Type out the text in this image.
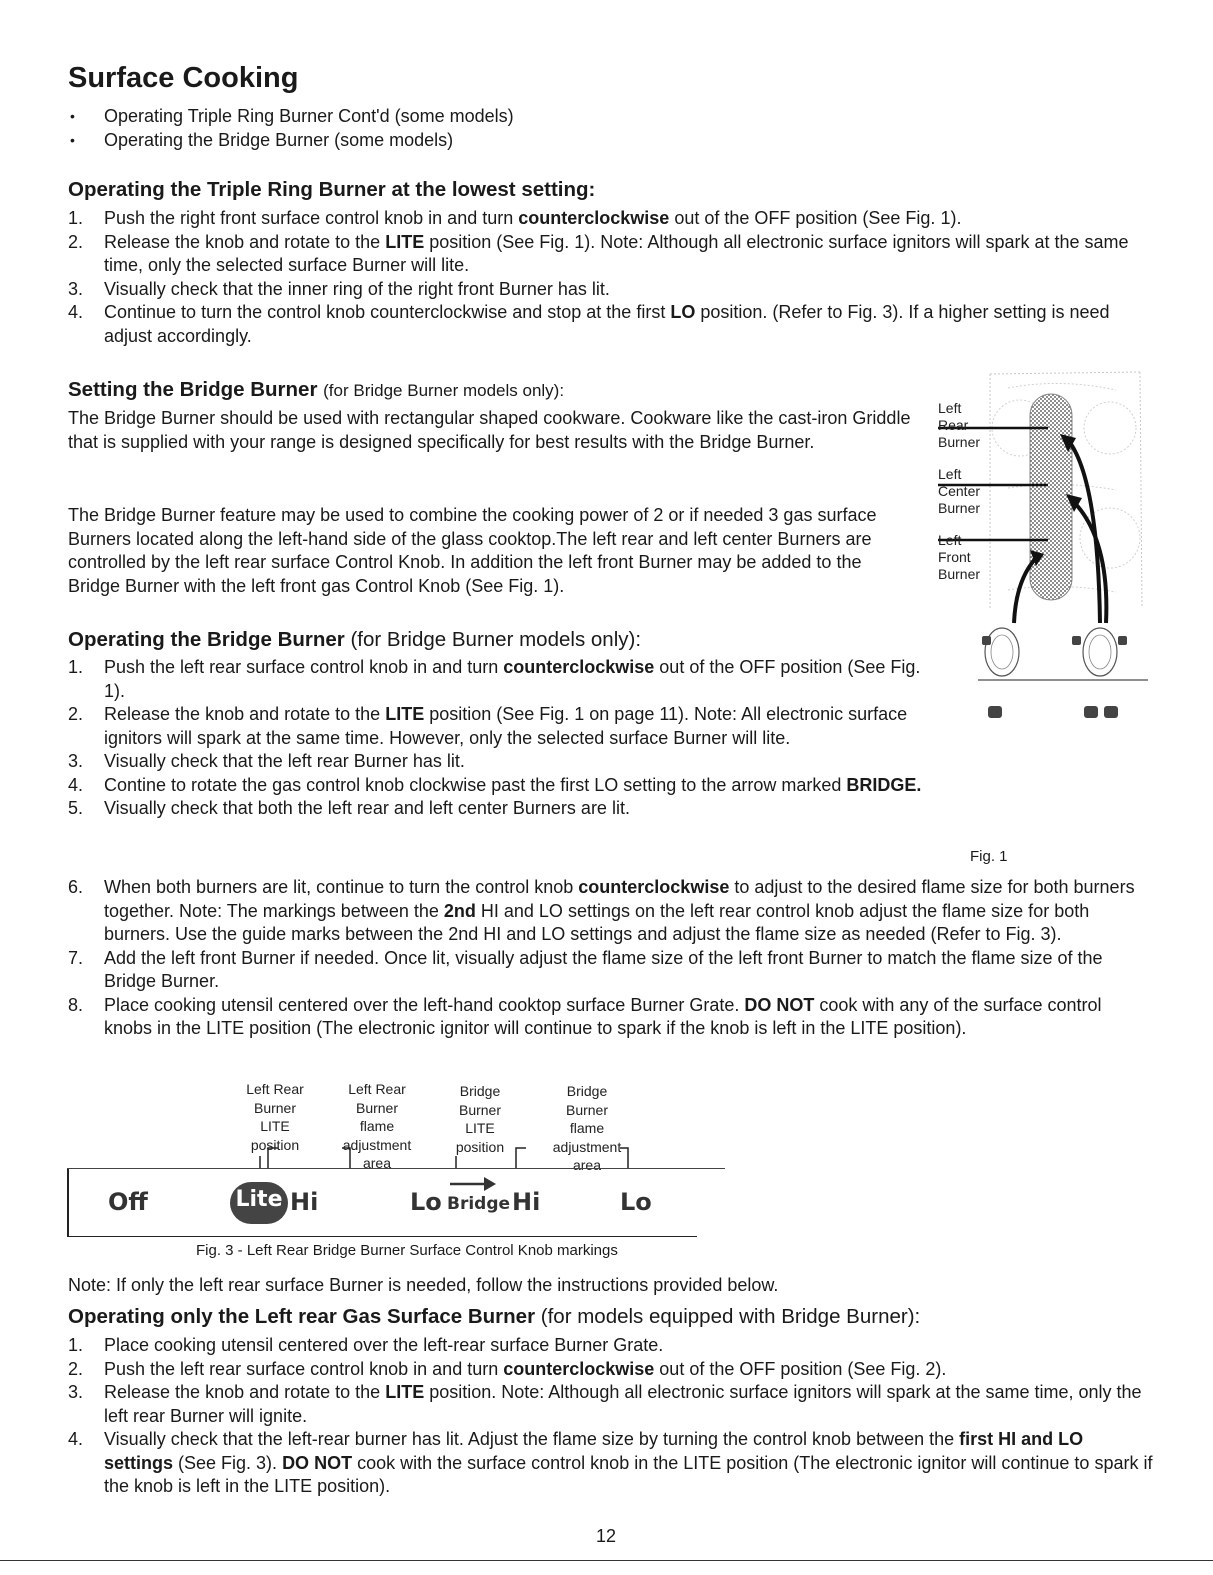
Surface Cooking
• Operating Triple Ring Burner Cont'd (some models)
• Operating the Bridge Burner (some models)
Operating the Triple Ring Burner at the lowest setting:
1. Push the right front surface control knob in and turn counterclockwise out of the OFF position (See Fig. 1).
2. Release the knob and rotate to the LITE position (See Fig. 1). Note: Although all electronic surface ignitors will spark at the same time, only the selected surface Burner will lite.
3. Visually check that the inner ring of the right front Burner has lit.
4. Continue to turn the control knob counterclockwise and stop at the first LO position. (Refer to Fig. 3). If a higher setting is need adjust accordingly.
Setting the Bridge Burner (for Bridge Burner models only):

The Bridge Burner should be used with rectangular shaped cookware. Cookware like the cast-iron Griddle that is supplied with your range is designed specifically for best results with the Bridge Burner.

The Bridge Burner feature may be used to combine the cooking power of 2 or if needed 3 gas surface Burners located along the left-hand side of the glass cooktop.The left rear and left center Burners are controlled by the left rear surface Control Knob. In addition the left front Burner may be added to the Bridge Burner with the left front gas Control Knob (See Fig. 1).

Operating the Bridge Burner (for Bridge Burner models only):
1. Push the left rear surface control knob in and turn counterclockwise out of the OFF position (See Fig. 1).
2. Release the knob and rotate to the LITE position (See Fig. 1 on page 11). Note: All electronic surface ignitors will spark at the same time. However, only the selected surface Burner will lite.
3. Visually check that the left rear Burner has lit.
4. Contine to rotate the gas control knob clockwise past the first LO setting to the arrow marked BRIDGE.
5. Visually check that both the left rear and left center Burners are lit.
6. When both burners are lit, continue to turn the control knob counterclockwise to adjust to the desired flame size for both burners together. Note: The markings between the 2nd HI and LO settings on the left rear control knob adjust the flame size for both burners. Use the guide marks between the 2nd HI and LO settings and adjust the flame size as needed (Refer to Fig. 3).
7. Add the left front Burner if needed. Once lit, visually adjust the flame size of the left front Burner to match the flame size of the Bridge Burner.
8. Place cooking utensil centered over the left-hand cooktop surface Burner Grate. DO NOT cook with any of the surface control knobs in the LITE position (The electronic ignitor will continue to spark if the knob is left in the LITE position).
Left
Rear
Burner
Left
Center
Burner
Left
Front
Burner
Fig. 1
Left Rear
Burner
LITE
position
Left Rear
Burner
flame
adjustment
area
Bridge
Burner
LITE
position
Bridge
Burner
flame
adjustment
area
Off	Lite Hi	Lo Bridge Hi	Lo
Fig. 3 - Left Rear Bridge Burner Surface Control Knob markings

Note: If only the left rear surface Burner is needed, follow the instructions provided below.

Operating only the Left rear Gas Surface Burner (for models equipped with Bridge Burner):
1. Place cooking utensil centered over the left-rear surface Burner Grate.
2. Push the left rear surface control knob in and turn counterclockwise out of the OFF position (See Fig. 2).
3. Release the knob and rotate to the LITE position. Note: Although all electronic surface ignitors will spark at the same time, only the left rear Burner will ignite.
4. Visually check that the left-rear burner has lit. Adjust the flame size by turning the control knob between the first HI and LO settings (See Fig. 3). DO NOT cook with the surface control knob in the LITE position (The electronic ignitor will continue to spark if the knob is left in the LITE position).
12
